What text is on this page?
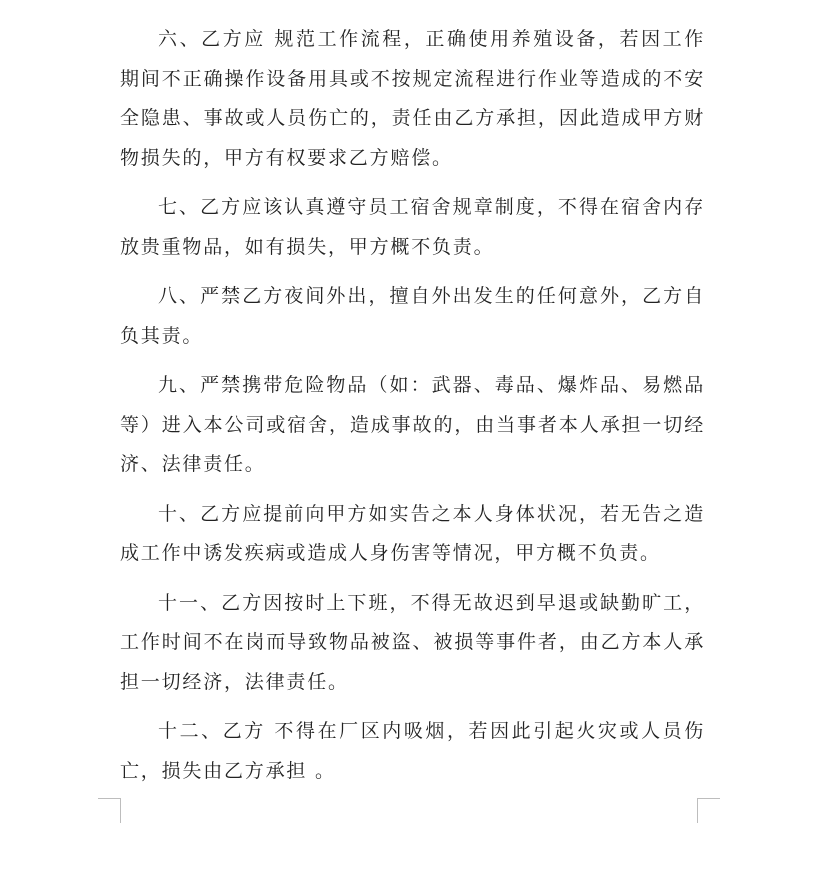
六、乙方应 规范工作流程，正确使用养殖设备，若因工作期间不正确操作设备用具或不按规定流程进行作业等造成的不安全隐患、事故或人员伤亡的，责任由乙方承担，因此造成甲方财物损失的，甲方有权要求乙方赔偿。

七、乙方应该认真遵守员工宿舍规章制度，不得在宿舍内存放贵重物品，如有损失，甲方概不负责。

八、严禁乙方夜间外出，擅自外出发生的任何意外，乙方自负其责。

九、严禁携带危险物品（如：武器、毒品、爆炸品、易燃品等）进入本公司或宿舍，造成事故的，由当事者本人承担一切经济、法律责任。

十、乙方应提前向甲方如实告之本人身体状况，若无告之造成工作中诱发疾病或造成人身伤害等情况，甲方概不负责。

十一、乙方因按时上下班，不得无故迟到早退或缺勤旷工，工作时间不在岗而导致物品被盗、被损等事件者，由乙方本人承担一切经济，法律责任。

十二、乙方 不得在厂区内吸烟，若因此引起火灾或人员伤亡，损失由乙方承担 。
